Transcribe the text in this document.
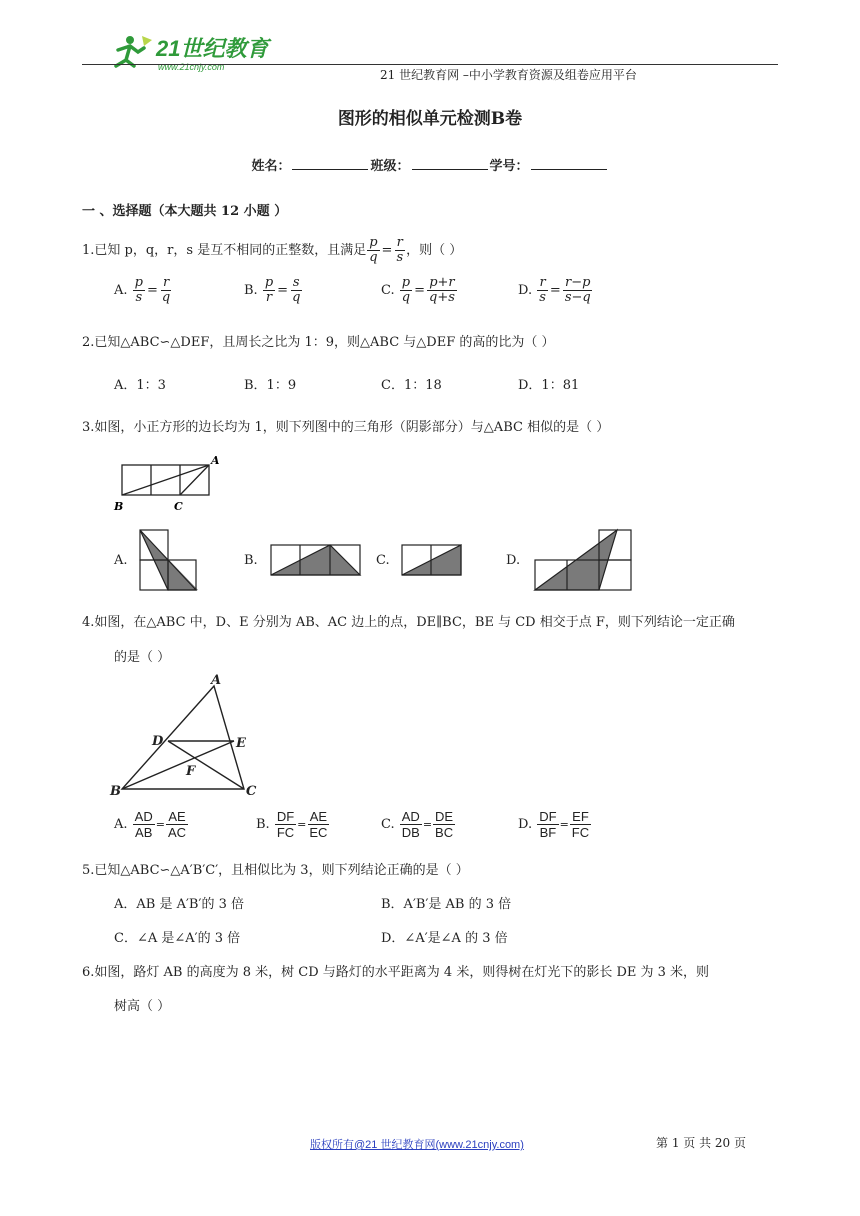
21世纪教育
www.21cnjy.com
21 世纪教育网 –中小学教育资源及组卷应用平台
图形的相似单元检测B卷
姓名：	班级：	学号：
一 、选择题（本大题共 12 小题 ）
1.已知 p，q，r，s 是互不相同的正整数，且满足 $\frac{p}{q} = \frac{r}{s}$ ，则（ ）
A. $\frac{p}{s} = \frac{r}{q}$	B. $\frac{p}{r} = \frac{s}{q}$	C. $\frac{p}{q} = \frac{p+r}{q+s}$	D. $\frac{r}{s} = \frac{r-p}{s-q}$
2.已知△ABC∽△DEF，且周长之比为 1：9，则△ABC 与△DEF 的高的比为（ ）
A．1：3	B．1：9	C．1：18	D．1：81
3.如图，小正方形的边长均为 1，则下列图中的三角形（阴影部分）与△ABC 相似的是（ ）
A
B	C
A.	B.	C.	D.
4.如图，在△ABC 中，D、E 分别为 AB、AC 边上的点，DE∥BC，BE 与 CD 相交于点 F，则下列结论一定正确
的是（ ）
A
B	C
D	E
F
A. $\frac{AD}{AB} = \frac{AE}{AC}$	B. $\frac{DF}{FC} = \frac{AE}{EC}$	C. $\frac{AD}{DB} = \frac{DE}{BC}$	D. $\frac{DF}{BF} = \frac{EF}{FC}$
5.已知△ABC∽△A′B′C′，且相似比为 3，则下列结论正确的是（ ）
A．AB 是 A′B′的 3 倍	B．A′B′是 AB 的 3 倍
C．∠A 是∠A′的 3 倍	D．∠A′是∠A 的 3 倍
6.如图，路灯 AB 的高度为 8 米，树 CD 与路灯的水平距离为 4 米，则得树在灯光下的影长 DE 为 3 米，则
树高（ ）
版权所有@21 世纪教育网(www.21cnjy.com)	第 1 页 共 20 页
